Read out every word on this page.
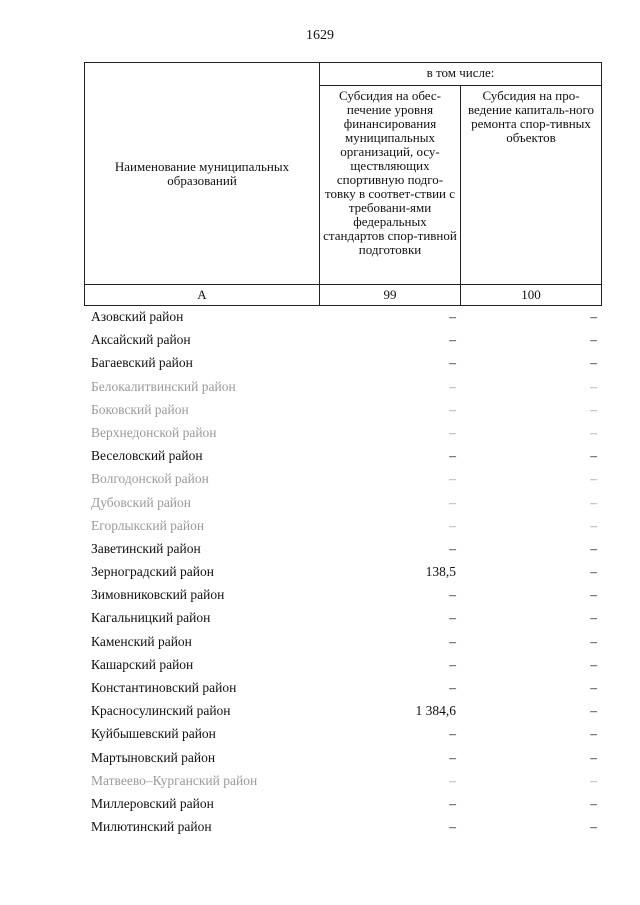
1629
Наименование муниципальных образований	в том числе:	
	Субсидия на обес-печение уровня финансирования муниципальных организаций, осу-ществляющих спортивную подго-товку в соответ-ствии с требовани-ями федеральных стандартов спор-тивной подготовки	Субсидия на про-ведение капиталь-ного ремонта спор-тивных объектов
А	99	100
Азовский район	–	–
Аксайский район	–	–
Багаевский район	–	–
Белокалитвинский район	–	–
Боковский район	–	–
Верхнедонской район	–	–
Веселовский район	–	–
Волгодонской район	–	–
Дубовский район	–	–
Егорлыкский район	–	–
Заветинский район	–	–
Зерноградский район	138,5	–
Зимовниковский район	–	–
Кагальницкий район	–	–
Каменский район	–	–
Кашарский район	–	–
Константиновский район	–	–
Красносулинский район	1 384,6	–
Куйбышевский район	–	–
Мартыновский район	–	–
Матвеево–Курганский район	–	–
Миллеровский район	–	–
Милютинский район	–	–
